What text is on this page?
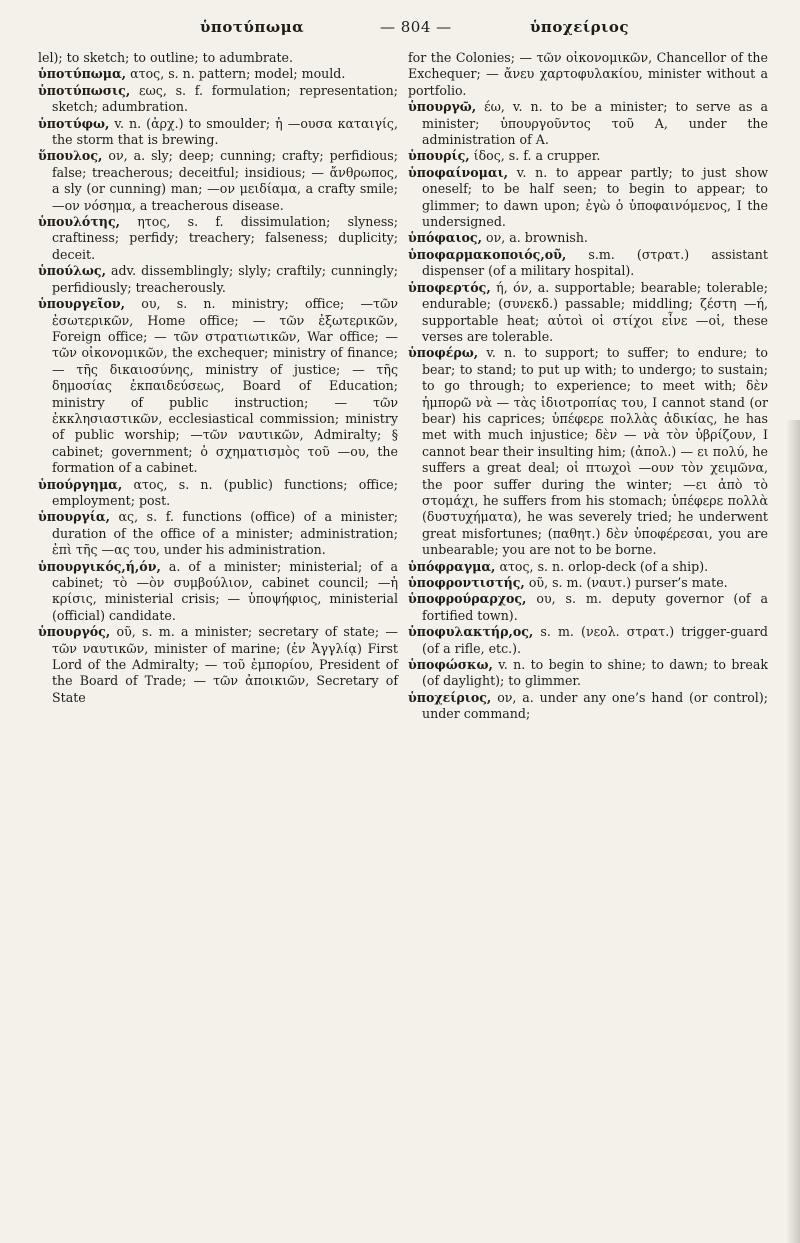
ὑποτύπωμα	— 804 —	ὑποχείριος

lel); to sketch; to outline; to adumbrate.

ὑποτύπωμα, ατος, s. n. pattern; model; mould.

ὑποτύπωσις, εως, s. f. formulation; representation; sketch; adumbration.

ὑποτύφω, v. n. (ἀρχ.) to smoulder; ἡ —ουσα καταιγίς, the storm that is brewing.

ὕπουλος, ον, a. sly; deep; cunning; crafty; perfidious; false; treacherous; deceitful; insidious; — ἄνθρωπος, a sly (or cunning) man; —ον μειδίαμα, a crafty smile; —ον νόσημα, a treacherous disease.

ὑπουλότης, ητος, s. f. dissimulation; slyness; craftiness; perfidy; treachery; falseness; duplicity; deceit.

ὑπούλως, adv. dissemblingly; slyly; craftily; cunningly; perfidiously; treacherously.

ὑπουργεῖον, ου, s. n. ministry; office; —τῶν ἐσωτερικῶν, Home office; — τῶν ἐξωτερικῶν, Foreign office; — τῶν στρατιωτικῶν, War office; — τῶν οἰκονομικῶν, the exchequer; ministry of finance; — τῆς δικαιοσύνης, ministry of justice; — τῆς δημοσίας ἐκπαιδεύσεως, Board of Education; ministry of public instruction; — τῶν ἐκκλησιαστικῶν, ecclesiastical commission; ministry of public worship; —τῶν ναυτικῶν, Admiralty; § cabinet; government; ὁ σχηματισμὸς τοῦ —ου, the formation of a cabinet.

ὑπούργημα, ατος, s. n. (public) functions; office; employment; post.

ὑπουργία, ας, s. f. functions (office) of a minister; duration of the office of a minister; administration; ἐπὶ τῆς —ας του, under his administration.

ὑπουργικός,ή,όν, a. of a minister; ministerial; of a cabinet; τὸ —ὸν συμβούλιον, cabinet council; —ἡ κρίσις, ministerial crisis; — ὑποψήφιος, ministerial (official) candidate.

ὑπουργός, οῦ, s. m. a minister; secretary of state; — τῶν ναυτικῶν, minister of marine; (ἐν Ἀγγλίᾳ) First Lord of the Admiralty; — τοῦ ἐμπορίου, President of the Board of Trade; — τῶν ἀποικιῶν, Secretary of State

for the Colonies; — τῶν οἰκονομικῶν, Chancellor of the Exchequer; — ἄνευ χαρτοφυλακίου, minister without a portfolio.

ὑπουργῶ, έω, v. n. to be a minister; to serve as a minister; ὑπουργοῦντος τοῦ Α, under the administration of A.

ὑπουρίς, ίδος, s. f. a crupper.

ὑποφαίνομαι, v. n. to appear partly; to just show oneself; to be half seen; to begin to appear; to glimmer; to dawn upon; ἐγὼ ὁ ὑποφαινόμενος, I the undersigned.

ὑπόφαιος, ον, a. brownish.

ὑποφαρμακοποιός,οῦ, s.m. (στρατ.) assistant dispenser (of a military hospital).

ὑποφερτός, ή, όν, a. supportable; bearable; tolerable; endurable; (συνεκδ.) passable; middling; ζέστη —ή, supportable heat; αὐτοὶ οἱ στίχοι εἶνε —οἱ, these verses are tolerable.

ὑποφέρω, v. n. to support; to suffer; to endure; to bear; to stand; to put up with; to undergo; to sustain; to go through; to experience; to meet with; δὲν ἠμπορῶ νὰ — τὰς ἰδιοτροπίας του, I cannot stand (or bear) his caprices; ὑπέφερε πολλὰς ἀδικίας, he has met with much injustice; δὲν — νὰ τὸν ὑβρίζουν, I cannot bear their insulting him; (ἀπολ.) — ει πολύ, he suffers a great deal; οἱ πτωχοὶ —ουν τὸν χειμῶνα, the poor suffer during the winter; —ει ἀπὸ τὸ στομάχι, he suffers from his stomach; ὑπέφερε πολλὰ (δυστυχήματα), he was severely tried; he underwent great misfortunes; (παθητ.) δὲν ὑποφέρεσαι, you are unbearable; you are not to be borne.

ὑπόφραγμα, ατος, s. n. orlop-deck (of a ship).

ὑποφροντιστής, οῦ, s. m. (ναυτ.) purser’s mate.

ὑποφρούραρχος, ου, s. m. deputy governor (of a fortified town).

ὑποφυλακτήρ,ος, s. m. (νεολ. στρατ.) trigger-guard (of a rifle, etc.).

ὑποφώσκω, v. n. to begin to shine; to dawn; to break (of daylight); to glimmer.

ὑποχείριος, ον, a. under any one’s hand (or control); under command;
